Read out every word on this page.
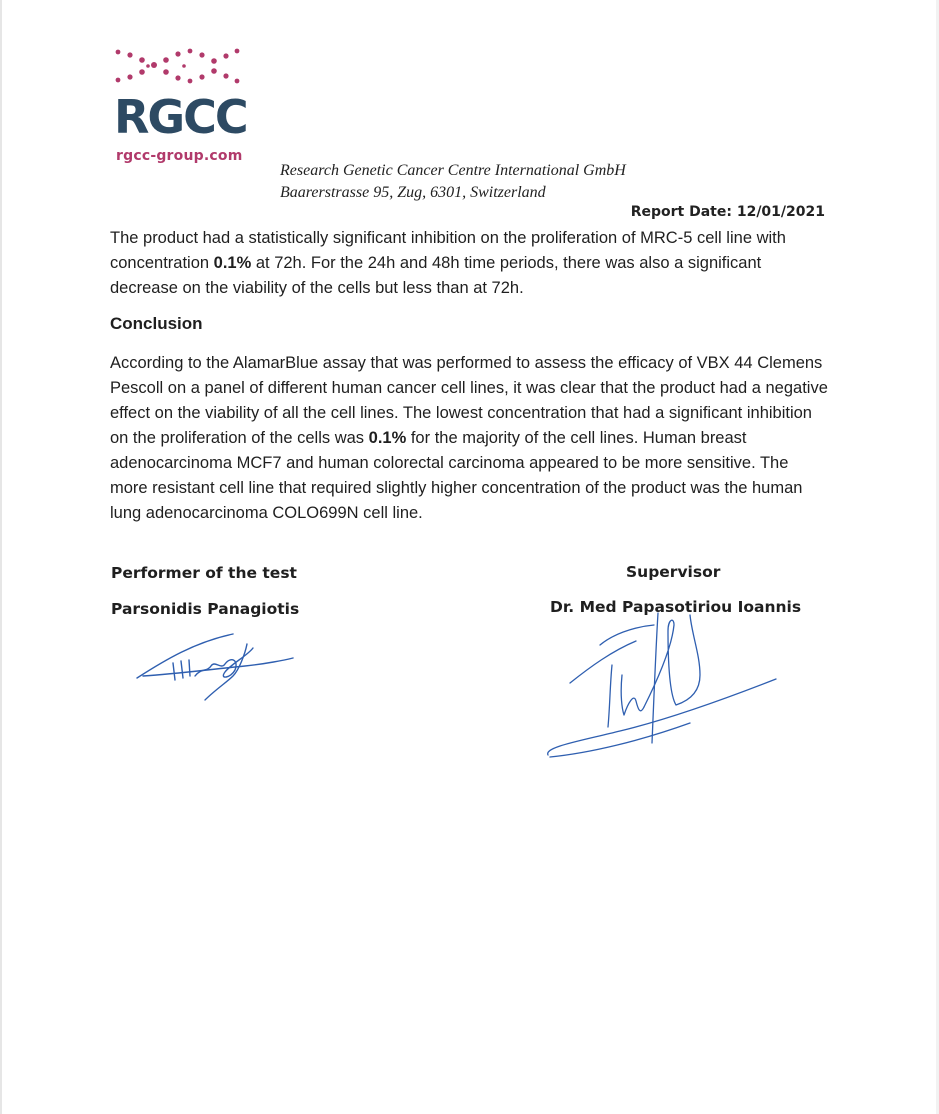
RGCC
rgcc-group.com
Research Genetic Cancer Centre International GmbH
Baarerstrasse 95, Zug, 6301, Switzerland
Report Date: 12/01/2021
The product had a statistically significant inhibition on the proliferation of MRC-5 cell line with concentration 0.1% at 72h. For the 24h and 48h time periods, there was also a significant decrease on the viability of the cells but less than at 72h.
Conclusion
According to the AlamarBlue assay that was performed to assess the efficacy of VBX 44 Clemens Pescoll on a panel of different human cancer cell lines, it was clear that the product had a negative effect on the viability of all the cell lines. The lowest concentration that had a significant inhibition on the proliferation of the cells was 0.1% for the majority of the cell lines. Human breast adenocarcinoma MCF7 and human colorectal carcinoma appeared to be more sensitive. The more resistant cell line that required slightly higher concentration of the product was the human lung adenocarcinoma COLO699N cell line.
Performer of the test
Parsonidis Panagiotis
Supervisor
Dr. Med Papasotiriou Ioannis
